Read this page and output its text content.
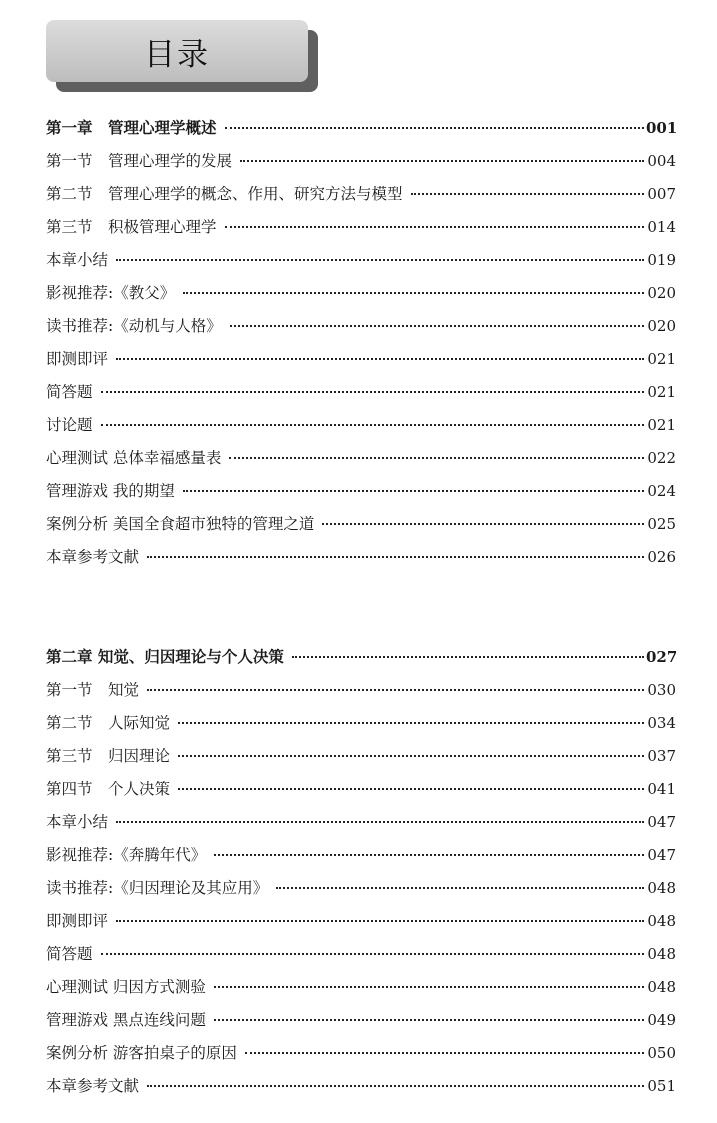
目录
第一章　管理心理学概述	001
第一节　管理心理学的发展	004
第二节　管理心理学的概念、作用、研究方法与模型	007
第三节　积极管理心理学	014
本章小结	019
影视推荐:《教父》	020
读书推荐:《动机与人格》	020
即测即评	021
简答题	021
讨论题	021
心理测试 总体幸福感量表	022
管理游戏 我的期望	024
案例分析 美国全食超市独特的管理之道	025
本章参考文献	026
第二章 知觉、归因理论与个人决策	027
第一节　知觉	030
第二节　人际知觉	034
第三节　归因理论	037
第四节　个人决策	041
本章小结	047
影视推荐:《奔腾年代》	047
读书推荐:《归因理论及其应用》	048
即测即评	048
简答题	048
心理测试 归因方式测验	048
管理游戏 黑点连线问题	049
案例分析 游客拍桌子的原因	050
本章参考文献	051
